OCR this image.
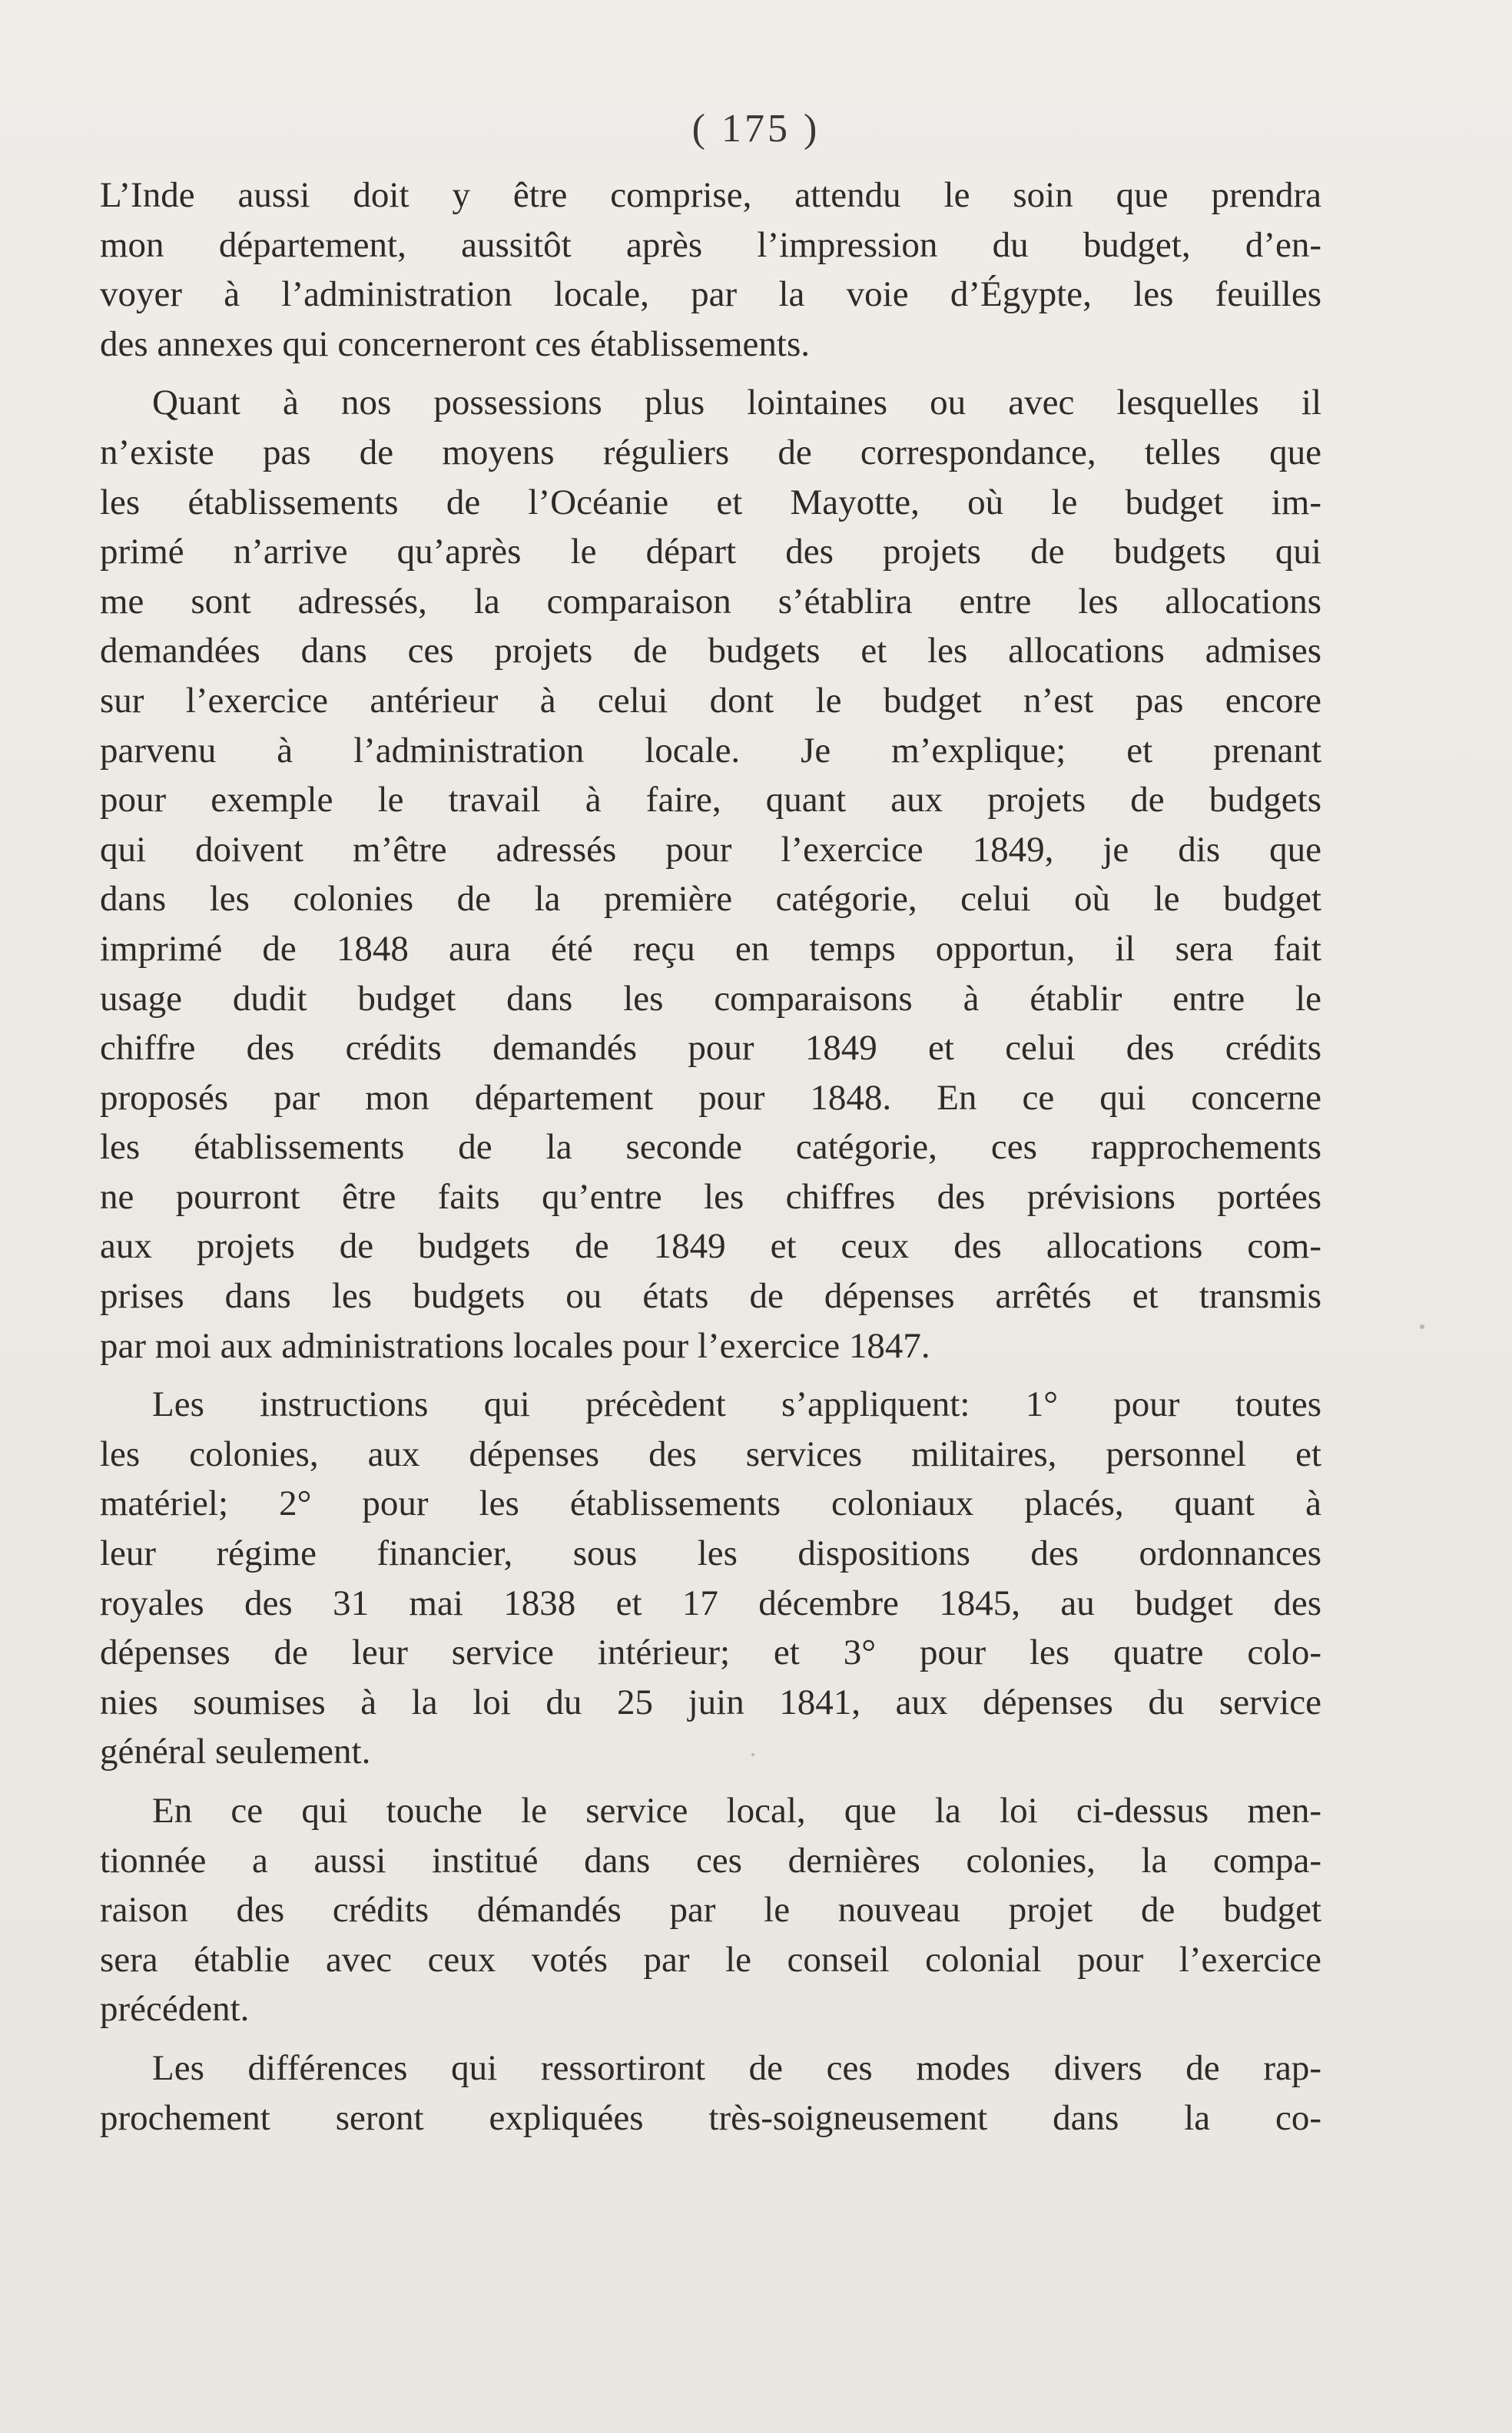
( 175 )
L’Inde aussi doit y être comprise, attendu le soin que prendra
mon département, aussitôt après l’impression du budget, d’en-
voyer à l’administration locale, par la voie d’Égypte, les feuilles
des annexes qui concerneront ces établissements.
Quant à nos possessions plus lointaines ou avec lesquelles il
n’existe pas de moyens réguliers de correspondance, telles que
les établissements de l’Océanie et Mayotte, où le budget im-
primé n’arrive qu’après le départ des projets de budgets qui
me sont adressés, la comparaison s’établira entre les allocations
demandées dans ces projets de budgets et les allocations admises
sur l’exercice antérieur à celui dont le budget n’est pas encore
parvenu à l’administration locale. Je m’explique; et prenant
pour exemple le travail à faire, quant aux projets de budgets
qui doivent m’être adressés pour l’exercice 1849, je dis que
dans les colonies de la première catégorie, celui où le budget
imprimé de 1848 aura été reçu en temps opportun, il sera fait
usage dudit budget dans les comparaisons à établir entre le
chiffre des crédits demandés pour 1849 et celui des crédits
proposés par mon département pour 1848. En ce qui concerne
les établissements de la seconde catégorie, ces rapprochements
ne pourront être faits qu’entre les chiffres des prévisions portées
aux projets de budgets de 1849 et ceux des allocations com-
prises dans les budgets ou états de dépenses arrêtés et transmis
par moi aux administrations locales pour l’exercice 1847.
Les instructions qui précèdent s’appliquent: 1° pour toutes
les colonies, aux dépenses des services militaires, personnel et
matériel; 2° pour les établissements coloniaux placés, quant à
leur régime financier, sous les dispositions des ordonnances
royales des 31 mai 1838 et 17 décembre 1845, au budget des
dépenses de leur service intérieur; et 3° pour les quatre colo-
nies soumises à la loi du 25 juin 1841, aux dépenses du service
général seulement.
En ce qui touche le service local, que la loi ci-dessus men-
tionnée a aussi institué dans ces dernières colonies, la compa-
raison des crédits démandés par le nouveau projet de budget
sera établie avec ceux votés par le conseil colonial pour l’exercice
précédent.
Les différences qui ressortiront de ces modes divers de rap-
prochement seront expliquées très-soigneusement dans la co-
